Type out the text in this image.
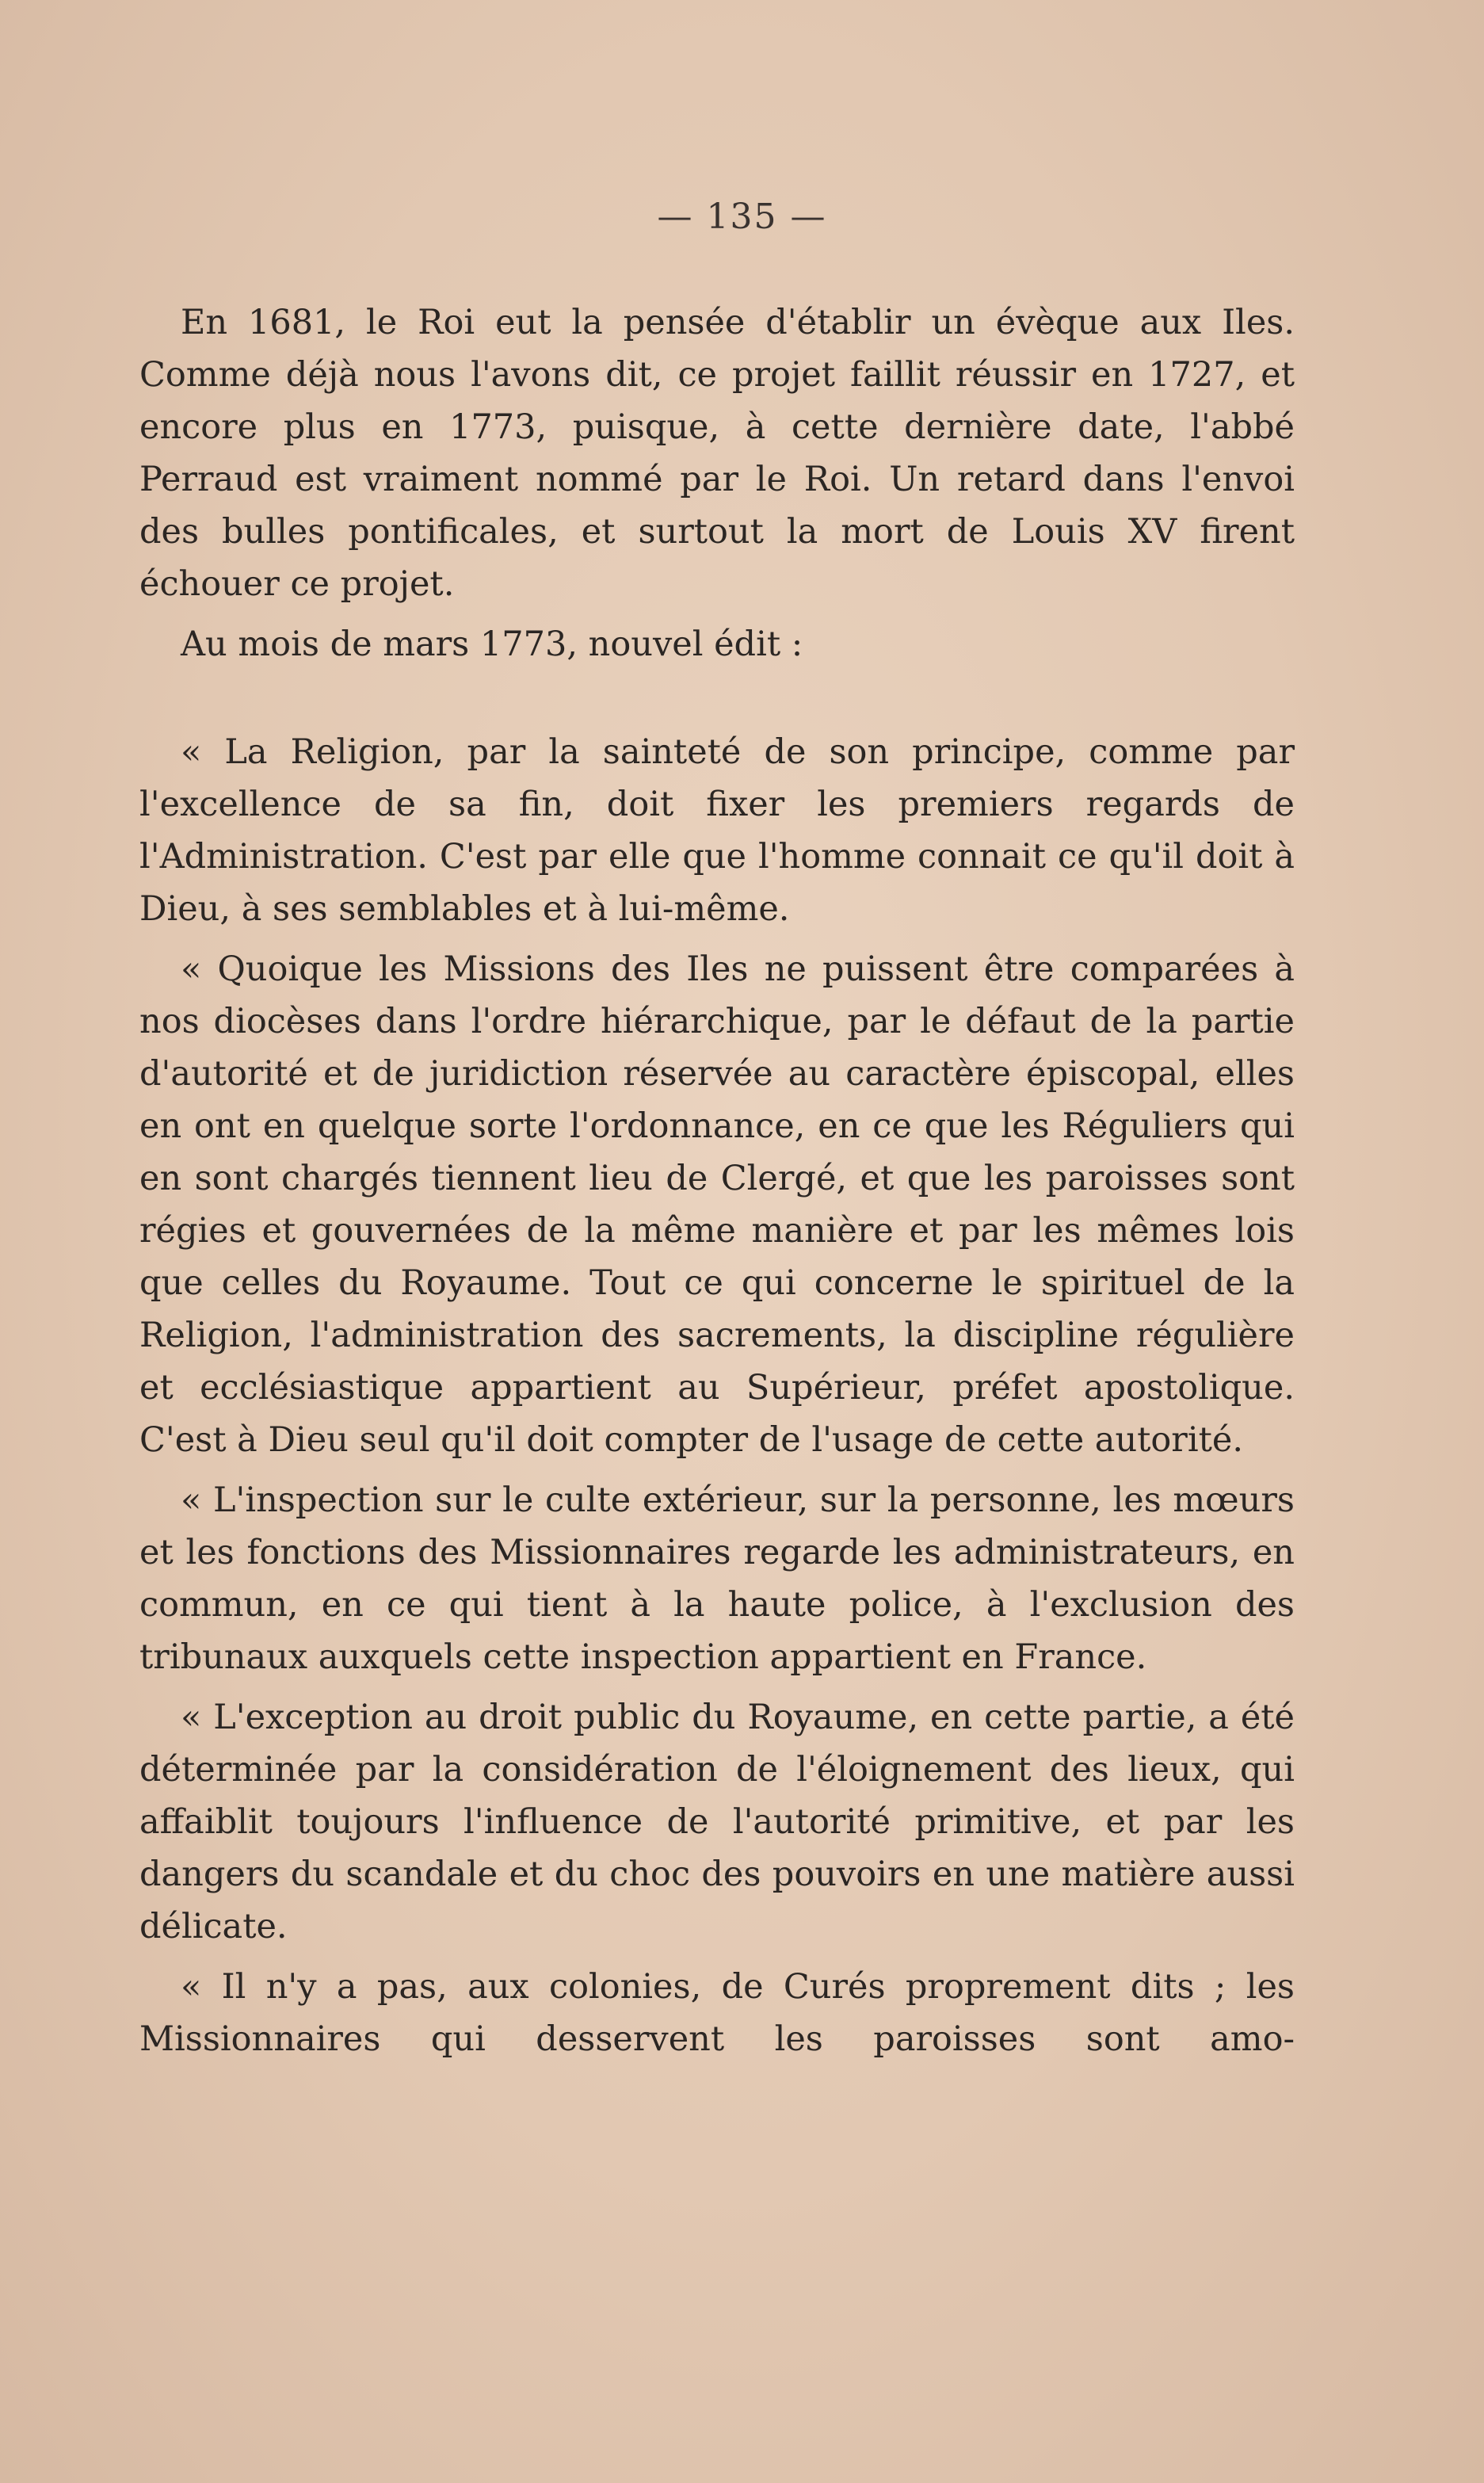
— 135 —

En 1681, le Roi eut la pensée d'établir un évèque aux Iles. Comme déjà nous l'avons dit, ce projet faillit réussir en 1727, et encore plus en 1773, puisque, à cette dernière date, l'abbé Perraud est vraiment nommé par le Roi. Un retard dans l'envoi des bulles pontificales, et surtout la mort de Louis XV firent échouer ce projet.

Au mois de mars 1773, nouvel édit :

« La Religion, par la sainteté de son principe, comme par l'excellence de sa fin, doit fixer les premiers regards de l'Administration. C'est par elle que l'homme connait ce qu'il doit à Dieu, à ses semblables et à lui-même.

« Quoique les Missions des Iles ne puissent être comparées à nos diocèses dans l'ordre hiérarchique, par le défaut de la partie d'autorité et de juridiction réservée au caractère épiscopal, elles en ont en quelque sorte l'ordonnance, en ce que les Réguliers qui en sont chargés tiennent lieu de Clergé, et que les paroisses sont régies et gouvernées de la même manière et par les mêmes lois que celles du Royaume. Tout ce qui concerne le spirituel de la Religion, l'administration des sacrements, la discipline régulière et ecclésiastique appartient au Supérieur, préfet apostolique. C'est à Dieu seul qu'il doit compter de l'usage de cette autorité.

« L'inspection sur le culte extérieur, sur la personne, les mœurs et les fonctions des Missionnaires regarde les administrateurs, en commun, en ce qui tient à la haute police, à l'exclusion des tribunaux auxquels cette inspection appartient en France.

« L'exception au droit public du Royaume, en cette partie, a été déterminée par la considération de l'éloignement des lieux, qui affaiblit toujours l'influence de l'autorité primitive, et par les dangers du scandale et du choc des pouvoirs en une matière aussi délicate.

« Il n'y a pas, aux colonies, de Curés proprement dits ; les Missionnaires qui desservent les paroisses sont amo-
